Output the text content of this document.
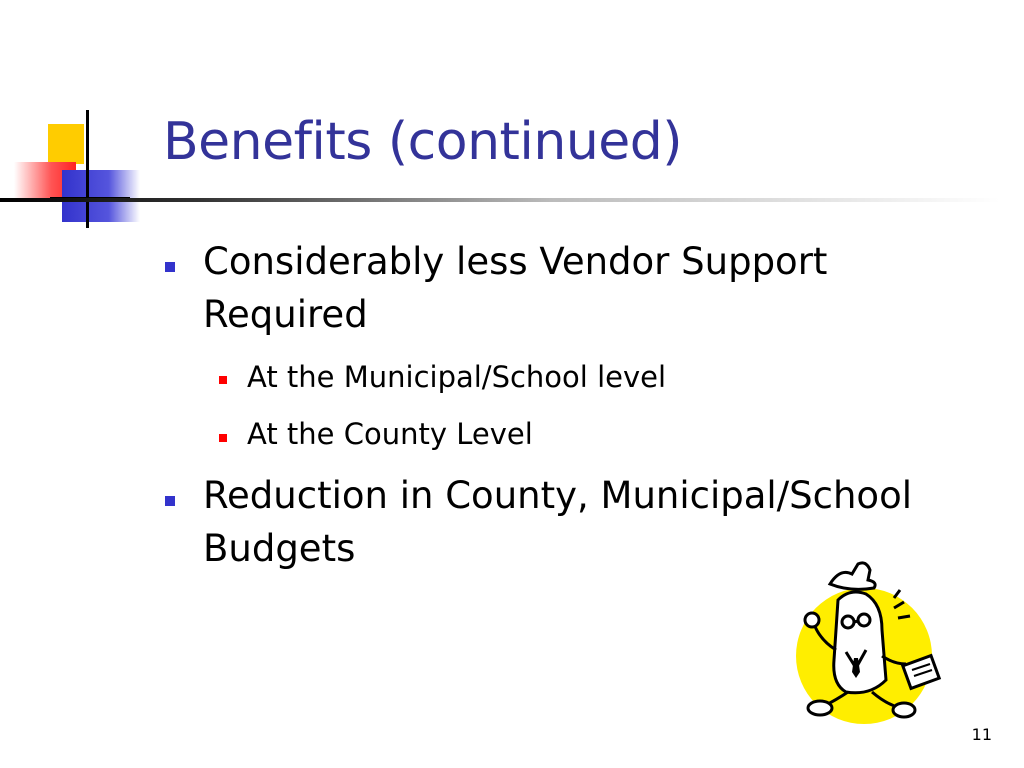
Benefits (continued)
Considerably less Vendor Support
Required
At the Municipal/School level
At the County Level
Reduction in County, Municipal/School
Budgets
11
